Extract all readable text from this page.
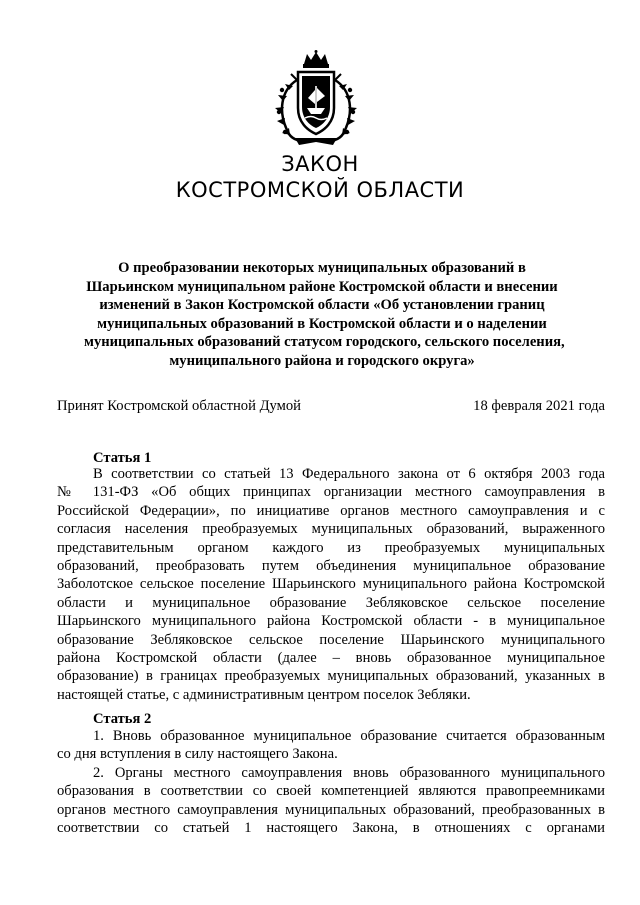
ЗАКОН
КОСТРОМСКОЙ ОБЛАСТИ
О преобразовании некоторых муниципальных образований в
Шарьинском муниципальном районе Костромской области и внесении
изменений в Закон Костромской области «Об установлении границ
муниципальных образований в Костромской области и о наделении
муниципальных образований статусом городского, сельского поселения,
муниципального района и городского округа»
Принят Костромской областной Думой	18 февраля 2021 года
Статья 1
В соответствии со статьей 13 Федерального закона от 6 октября 2003 года
№ 131-ФЗ «Об общих принципах организации местного самоуправления в
Российской Федерации», по инициативе органов местного самоуправления и с
согласия населения преобразуемых муниципальных образований, выраженного
представительным органом каждого из преобразуемых муниципальных
образований, преобразовать путем объединения муниципальное образование
Заболотское сельское поселение Шарьинского муниципального района Костромской
области и муниципальное образование Зебляковское сельское поселение
Шарьинского муниципального района Костромской области - в муниципальное
образование Зебляковское сельское поселение Шарьинского муниципального
района Костромской области (далее – вновь образованное муниципальное
образование) в границах преобразуемых муниципальных образований, указанных в
настоящей статье, с административным центром поселок Зебляки.
Статья 2
1. Вновь образованное муниципальное образование считается образованным
со дня вступления в силу настоящего Закона.
2. Органы местного самоуправления вновь образованного муниципального
образования в соответствии со своей компетенцией являются правопреемниками
органов местного самоуправления муниципальных образований, преобразованных в
соответствии со статьей 1 настоящего Закона, в отношениях с органами
